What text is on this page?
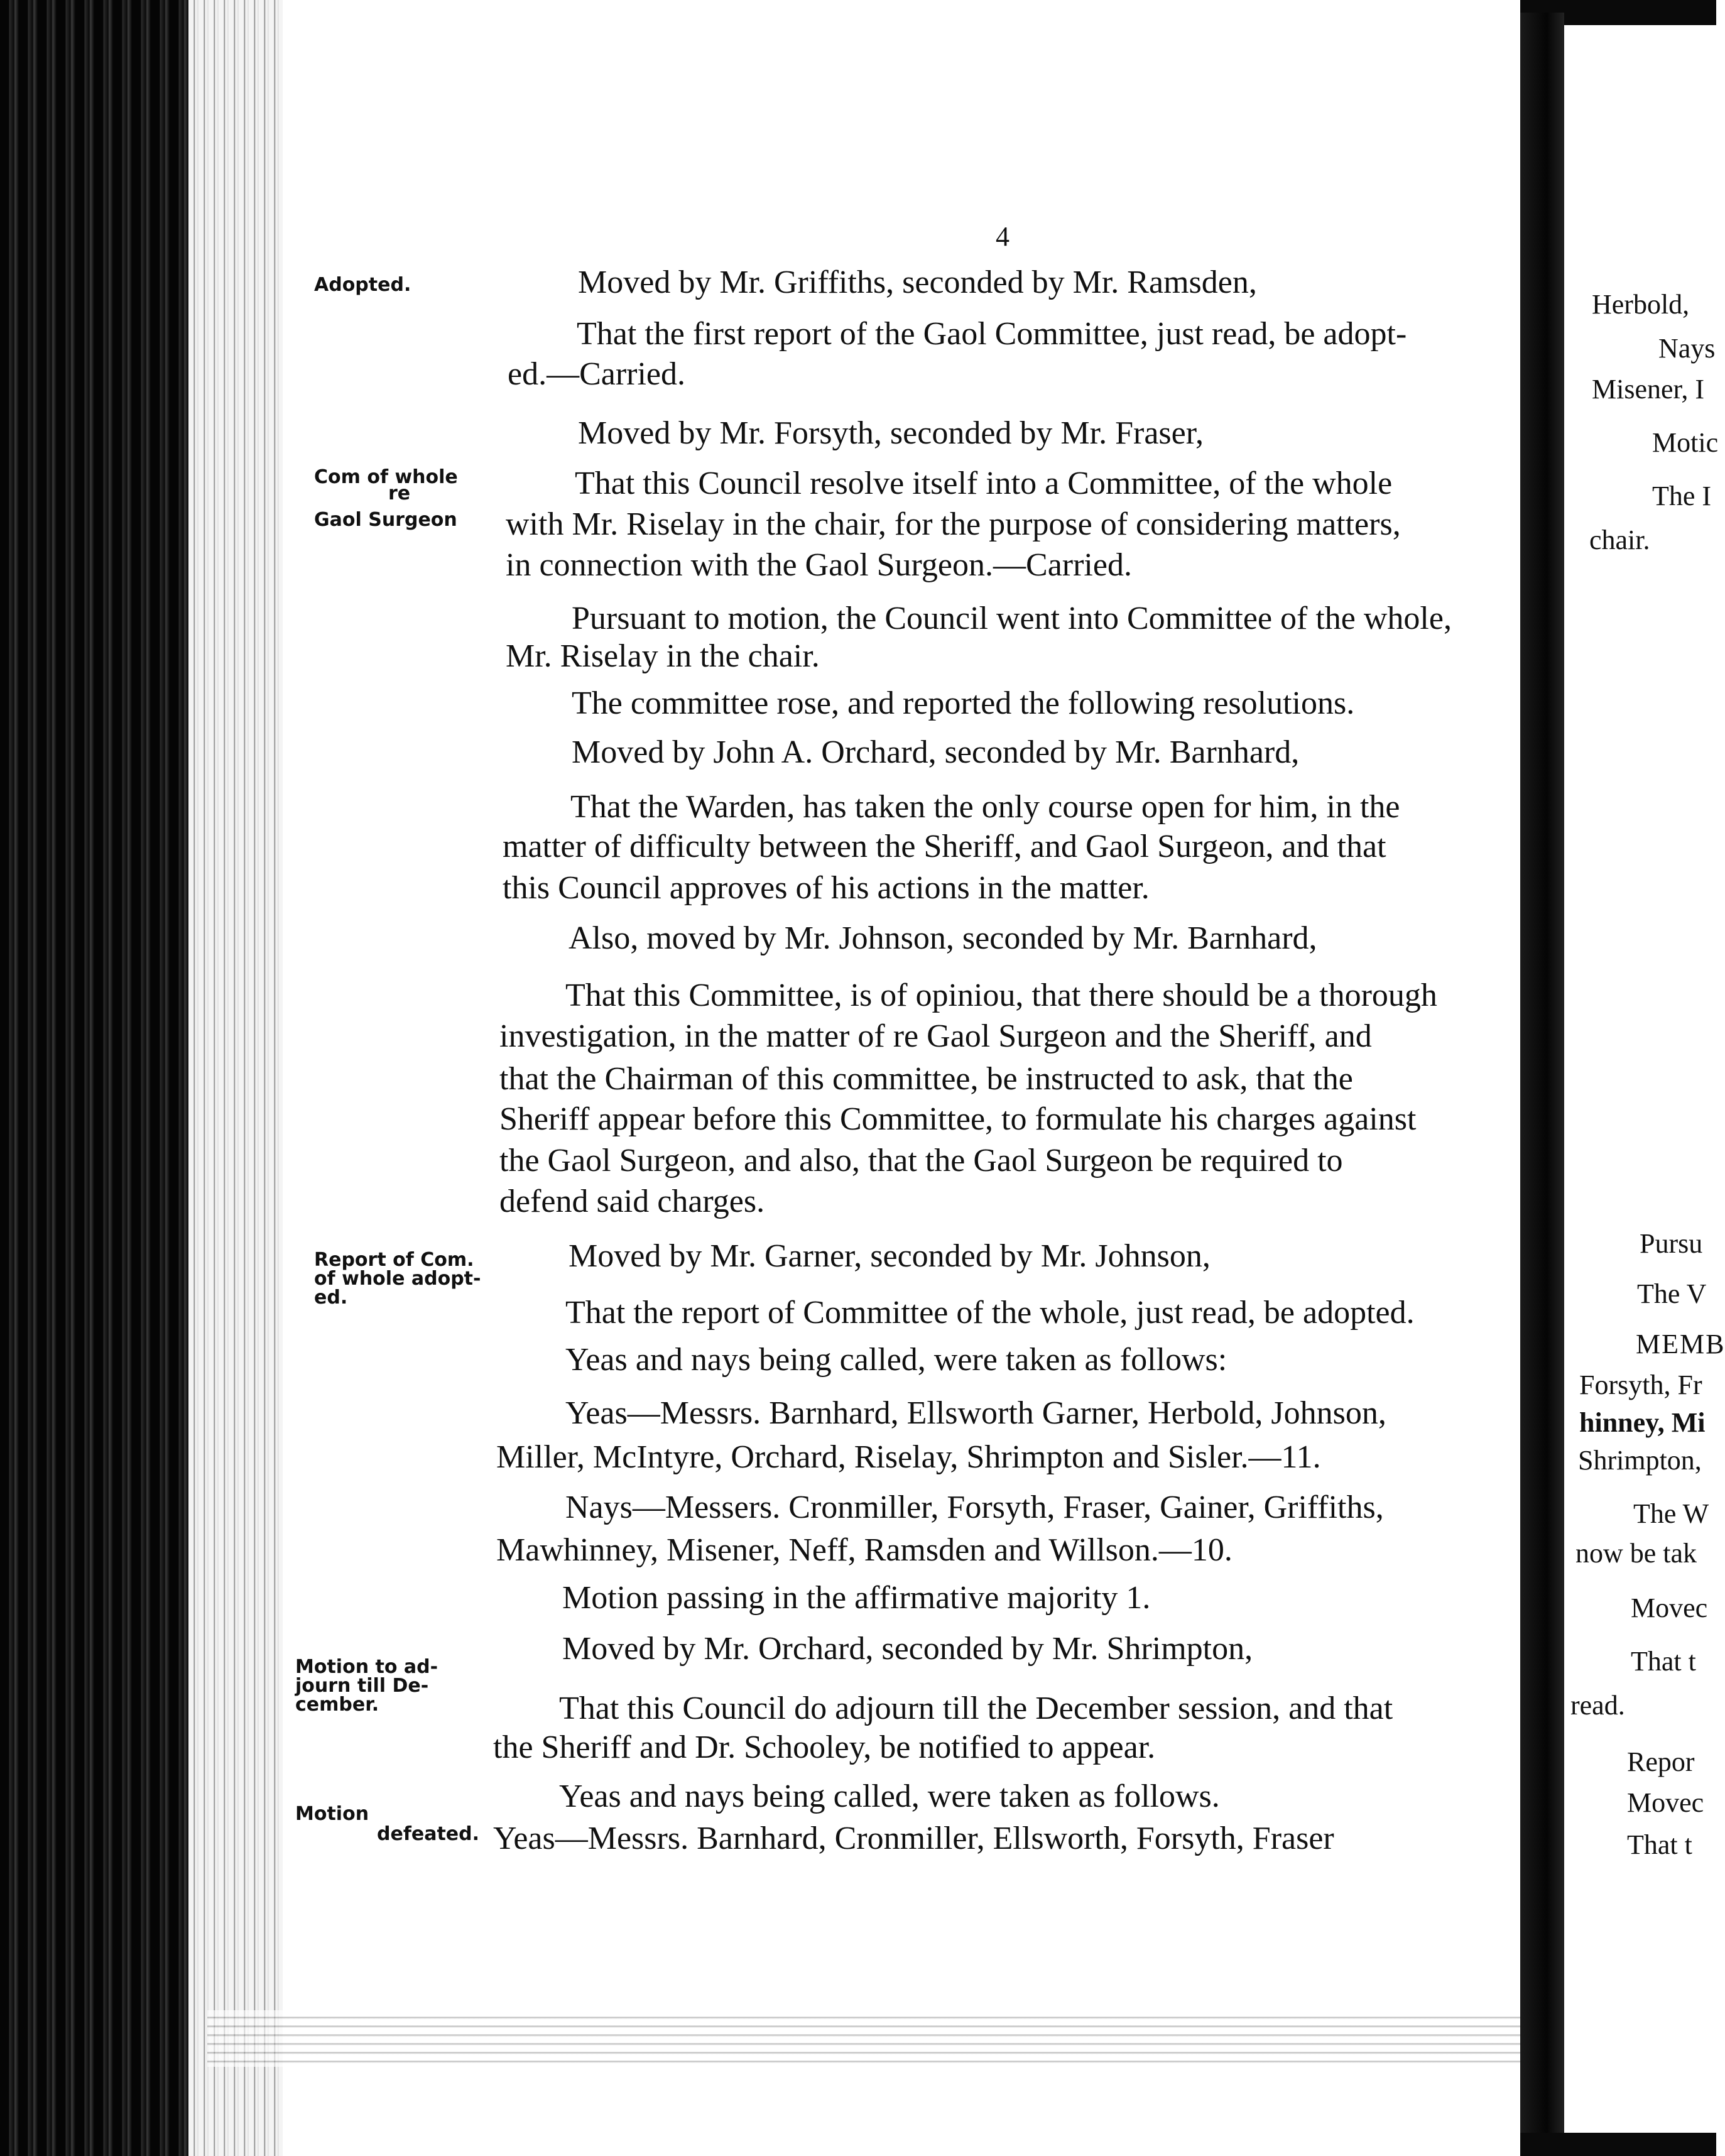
4
Adopted.
Com of whole
re
Gaol Surgeon
Report of Com.
of whole adopt-
ed.
Motion to ad-
journ till De-
cember.
Motion
defeated.
Moved by Mr. Griffiths, seconded by Mr. Ramsden,
That the first report of the Gaol Committee, just read, be adopt-
ed.—Carried.
Moved by Mr. Forsyth, seconded by Mr. Fraser,
That this Council resolve itself into a Committee, of the whole
with Mr. Riselay in the chair, for the purpose of considering matters,
in connection with the Gaol Surgeon.—Carried.
Pursuant to motion, the Council went into Committee of the whole,
Mr. Riselay in the chair.
The committee rose, and reported the following resolutions.
Moved by John A. Orchard, seconded by Mr. Barnhard,
That the Warden, has taken the only course open for him, in the
matter of difficulty between the Sheriff, and Gaol Surgeon, and that
this Council approves of his actions in the matter.
Also, moved by Mr. Johnson, seconded by Mr. Barnhard,
That this Committee, is of opiniou, that there should be a thorough
investigation, in the matter of re Gaol Surgeon and the Sheriff, and
that the Chairman of this committee, be instructed to ask, that the
Sheriff appear before this Committee, to formulate his charges against
the Gaol Surgeon, and also, that the Gaol Surgeon be required to
defend said charges.
Moved by Mr. Garner, seconded by Mr. Johnson,
That the report of Committee of the whole, just read, be adopted.
Yeas and nays being called, were taken as follows:
Yeas—Messrs. Barnhard, Ellsworth Garner, Herbold, Johnson,
Miller, McIntyre, Orchard, Riselay, Shrimpton and Sisler.—11.
Nays—Messers. Cronmiller, Forsyth, Fraser, Gainer, Griffiths,
Mawhinney, Misener, Neff, Ramsden and Willson.—10.
Motion passing in the affirmative majority 1.
Moved by Mr. Orchard, seconded by Mr. Shrimpton,
That this Council do adjourn till the December session, and that
the Sheriff and Dr. Schooley, be notified to appear.
Yeas and nays being called, were taken as follows.
Yeas—Messrs. Barnhard, Cronmiller, Ellsworth, Forsyth, Fraser
Herbold,
Nays
Misener, I
Motic
The I
chair.
Pursu
The V
MEMB
Forsyth, Fr
hinney, Mi
Shrimpton,
The W
now be tak
Movec
That t
read.
Repor
Movec
That t
